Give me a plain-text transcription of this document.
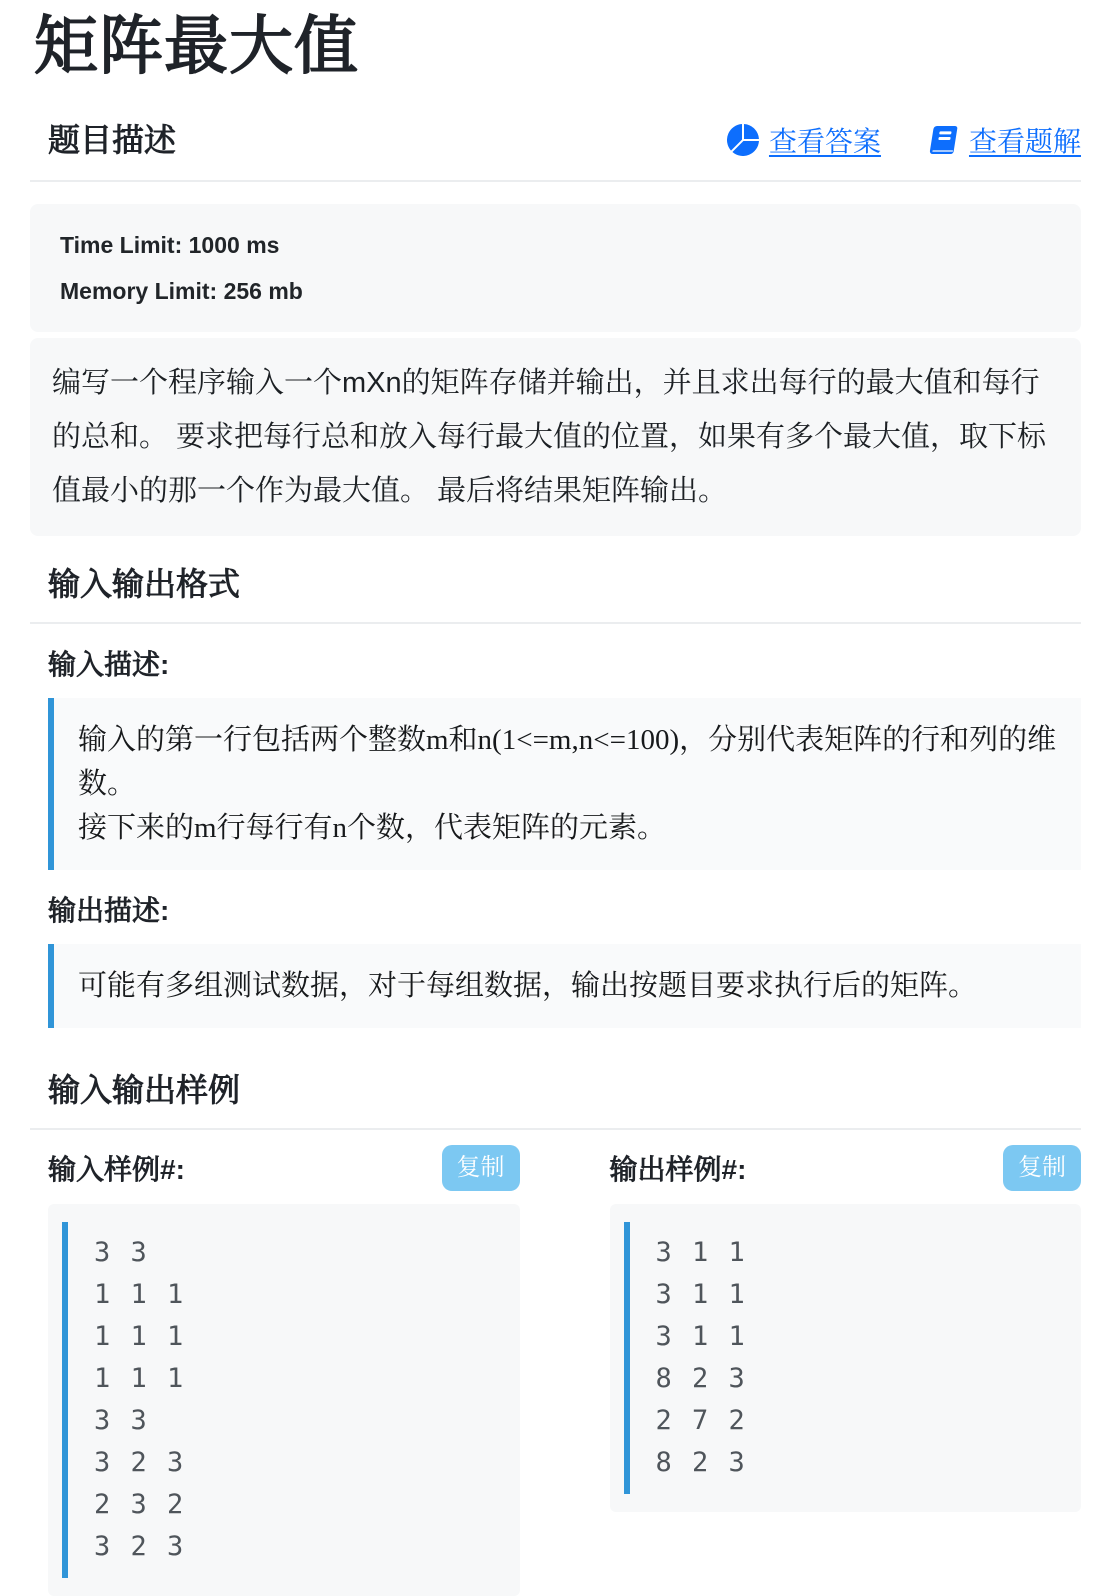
矩阵最大值
题目描述	查看答案	查看题解
Time Limit: 1000 ms
Memory Limit: 256 mb
编写一个程序输入一个mXn的矩阵存储并输出，并且求出每行的最大值和每行的总和。 要求把每行总和放入每行最大值的位置，如果有多个最大值，取下标值最小的那一个作为最大值。 最后将结果矩阵输出。
输入输出格式
输入描述:
输入的第一行包括两个整数m和n(1<=m,n<=100)，分别代表矩阵的行和列的维数。
接下来的m行每行有n个数，代表矩阵的元素。
输出描述:
可能有多组测试数据，对于每组数据，输出按题目要求执行后的矩阵。
输入输出样例
输入样例#:	复制
3 3
1 1 1
1 1 1
1 1 1
3 3
3 2 3
2 3 2
3 2 3
输出样例#:	复制
3 1 1
3 1 1
3 1 1
8 2 3
2 7 2
8 2 3
